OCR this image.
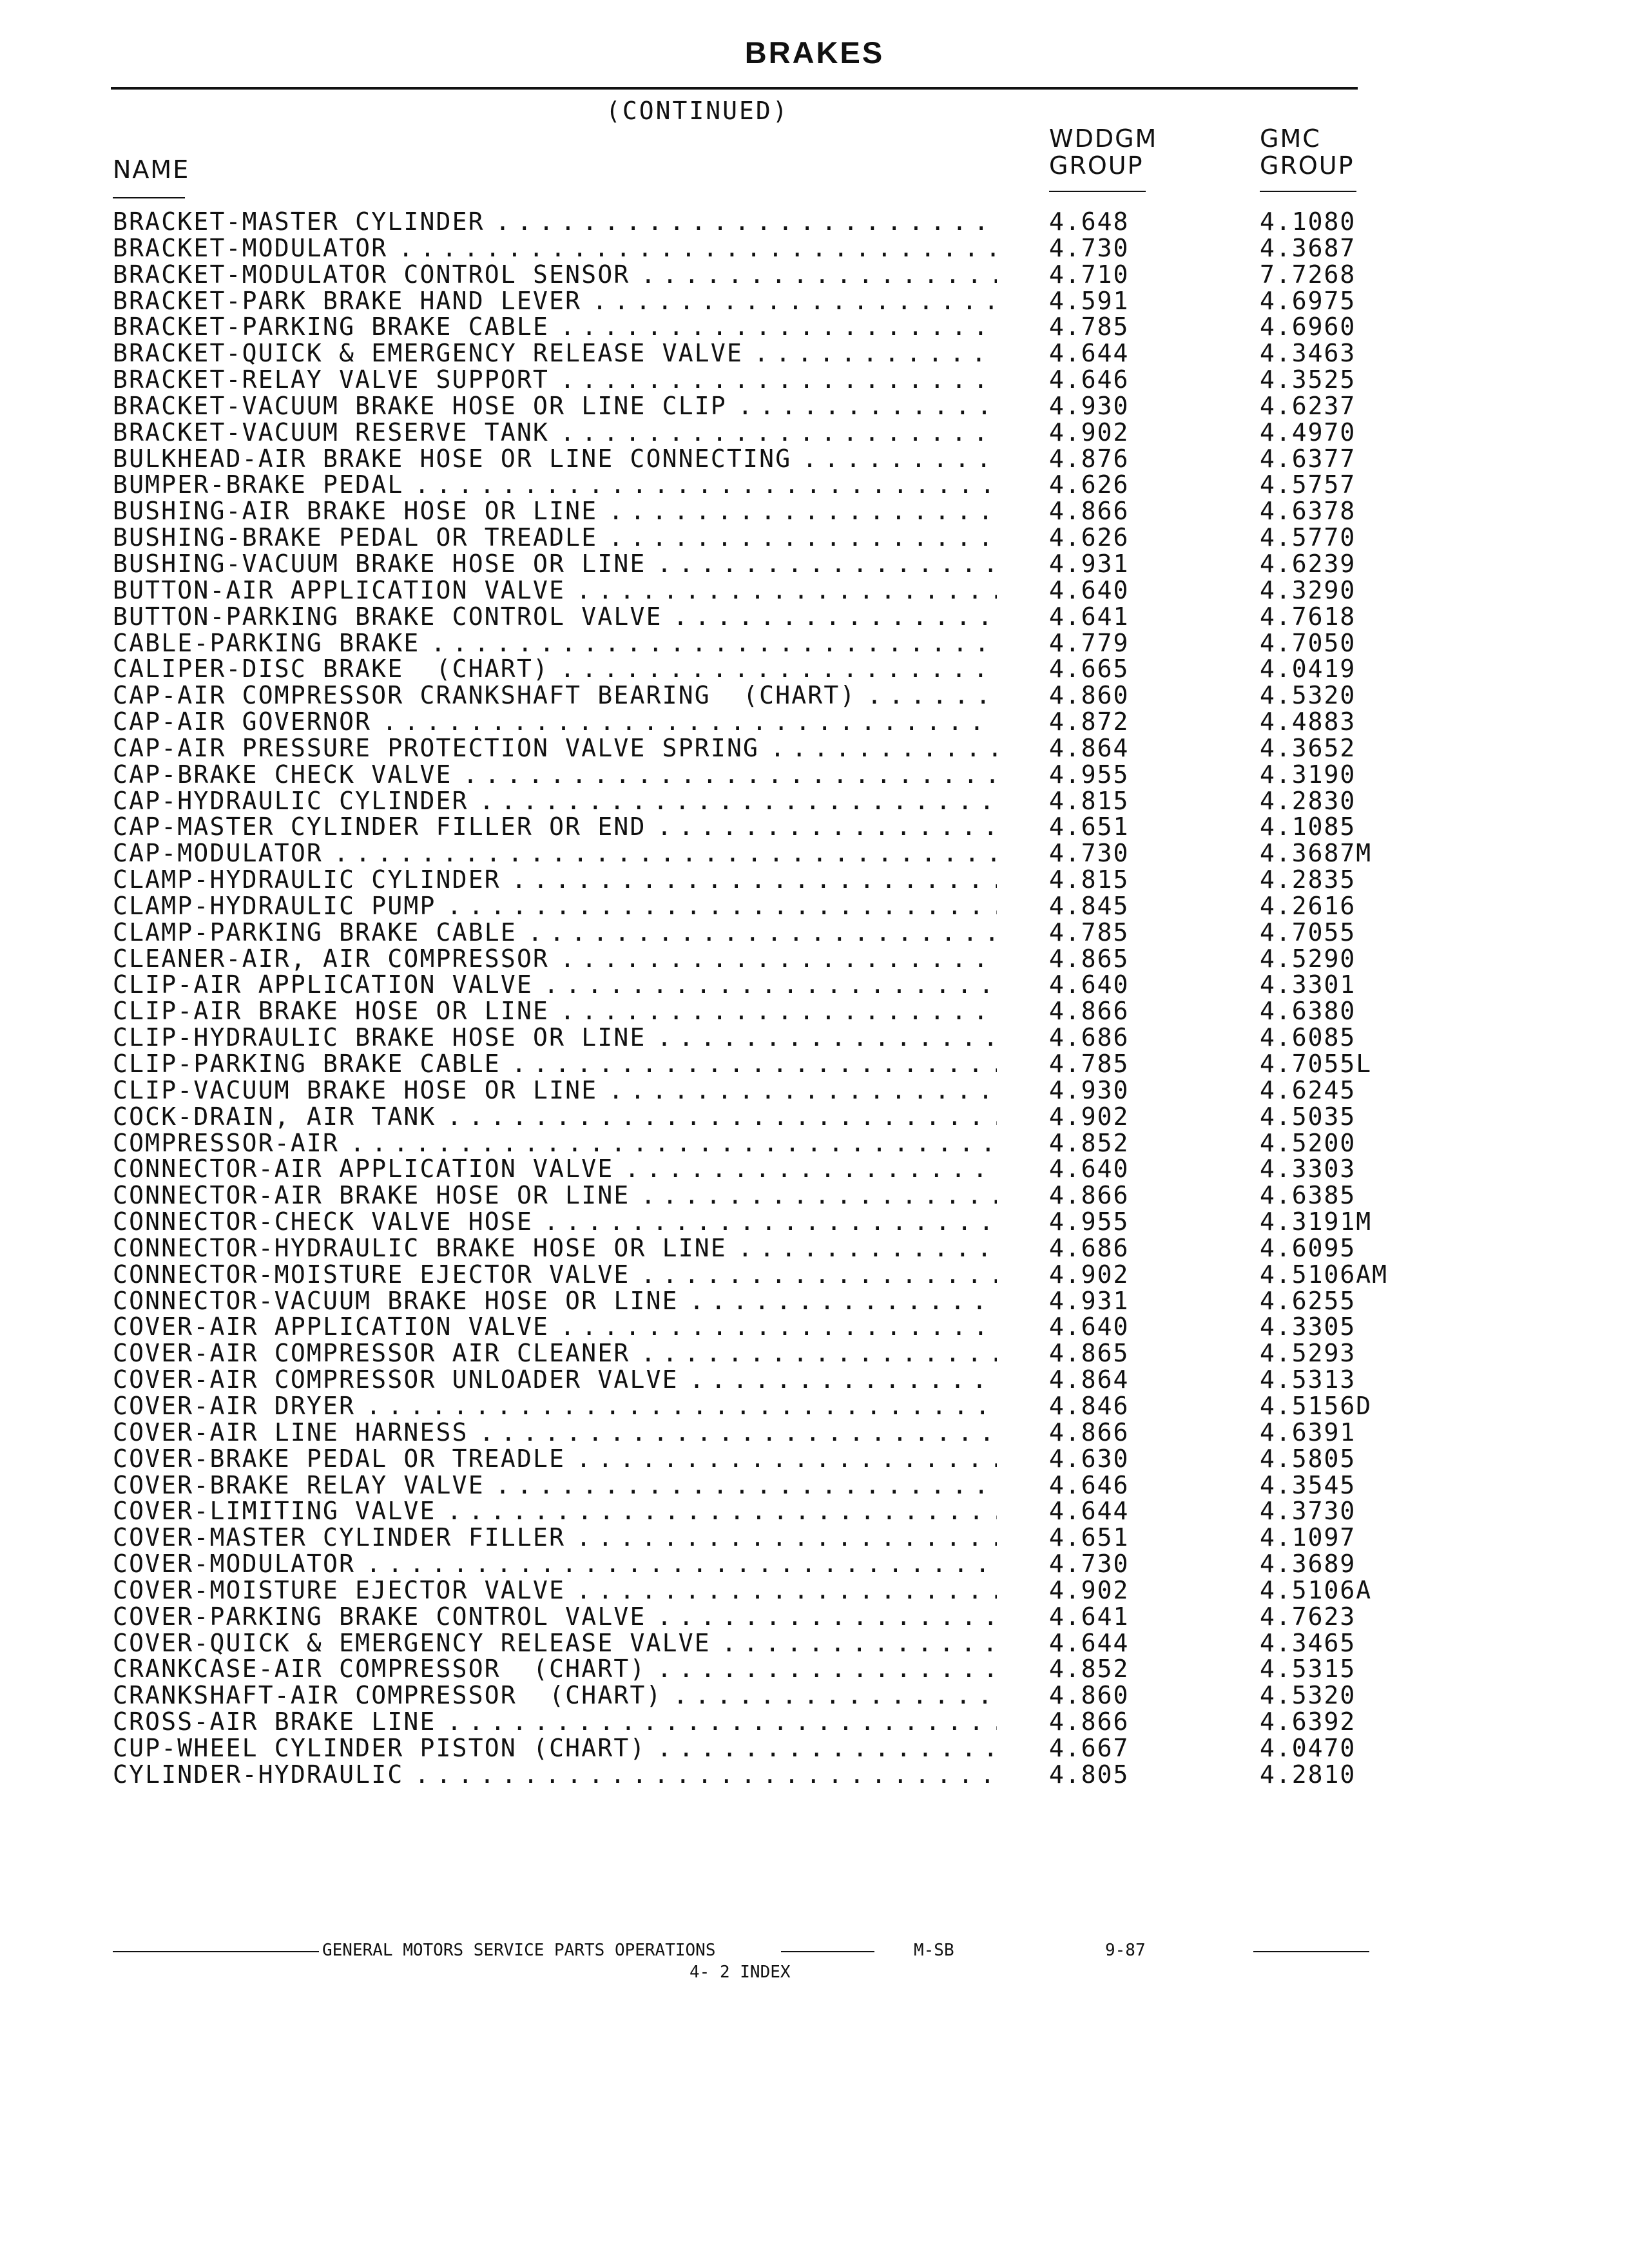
BRAKES
(CONTINUED)
NAME
WDDGM
GROUP
GMC
GROUP
BRACKET-MASTER CYLINDER . . .	4.648	4.1080
BRACKET-MODULATOR . . .	4.730	4.3687
BRACKET-MODULATOR CONTROL SENSOR . . .	4.710	7.7268
BRACKET-PARK BRAKE HAND LEVER . . .	4.591	4.6975
BRACKET-PARKING BRAKE CABLE . . .	4.785	4.6960
BRACKET-QUICK & EMERGENCY RELEASE VALVE . . .	4.644	4.3463
BRACKET-RELAY VALVE SUPPORT . . .	4.646	4.3525
BRACKET-VACUUM BRAKE HOSE OR LINE CLIP . . .	4.930	4.6237
BRACKET-VACUUM RESERVE TANK . . .	4.902	4.4970
BULKHEAD-AIR BRAKE HOSE OR LINE CONNECTING . . .	4.876	4.6377
BUMPER-BRAKE PEDAL . . .	4.626	4.5757
BUSHING-AIR BRAKE HOSE OR LINE . . .	4.866	4.6378
BUSHING-BRAKE PEDAL OR TREADLE . . .	4.626	4.5770
BUSHING-VACUUM BRAKE HOSE OR LINE . . .	4.931	4.6239
BUTTON-AIR APPLICATION VALVE . . .	4.640	4.3290
BUTTON-PARKING BRAKE CONTROL VALVE . . .	4.641	4.7618
CABLE-PARKING BRAKE . . .	4.779	4.7050
CALIPER-DISC BRAKE  (CHART) . . .	4.665	4.0419
CAP-AIR COMPRESSOR CRANKSHAFT BEARING  (CHART) . . .	4.860	4.5320
CAP-AIR GOVERNOR . . .	4.872	4.4883
CAP-AIR PRESSURE PROTECTION VALVE SPRING . . .	4.864	4.3652
CAP-BRAKE CHECK VALVE . . .	4.955	4.3190
CAP-HYDRAULIC CYLINDER . . .	4.815	4.2830
CAP-MASTER CYLINDER FILLER OR END . . .	4.651	4.1085
CAP-MODULATOR . . .	4.730	4.3687M
CLAMP-HYDRAULIC CYLINDER . . .	4.815	4.2835
CLAMP-HYDRAULIC PUMP . . .	4.845	4.2616
CLAMP-PARKING BRAKE CABLE . . .	4.785	4.7055
CLEANER-AIR, AIR COMPRESSOR . . .	4.865	4.5290
CLIP-AIR APPLICATION VALVE . . .	4.640	4.3301
CLIP-AIR BRAKE HOSE OR LINE . . .	4.866	4.6380
CLIP-HYDRAULIC BRAKE HOSE OR LINE . . .	4.686	4.6085
CLIP-PARKING BRAKE CABLE . . .	4.785	4.7055L
CLIP-VACUUM BRAKE HOSE OR LINE . . .	4.930	4.6245
COCK-DRAIN, AIR TANK . . .	4.902	4.5035
COMPRESSOR-AIR . . .	4.852	4.5200
CONNECTOR-AIR APPLICATION VALVE . . .	4.640	4.3303
CONNECTOR-AIR BRAKE HOSE OR LINE . . .	4.866	4.6385
CONNECTOR-CHECK VALVE HOSE . . .	4.955	4.3191M
CONNECTOR-HYDRAULIC BRAKE HOSE OR LINE . . .	4.686	4.6095
CONNECTOR-MOISTURE EJECTOR VALVE . . .	4.902	4.5106AM
CONNECTOR-VACUUM BRAKE HOSE OR LINE . . .	4.931	4.6255
COVER-AIR APPLICATION VALVE . . .	4.640	4.3305
COVER-AIR COMPRESSOR AIR CLEANER . . .	4.865	4.5293
COVER-AIR COMPRESSOR UNLOADER VALVE . . .	4.864	4.5313
COVER-AIR DRYER . . .	4.846	4.5156D
COVER-AIR LINE HARNESS . . .	4.866	4.6391
COVER-BRAKE PEDAL OR TREADLE . . .	4.630	4.5805
COVER-BRAKE RELAY VALVE . . .	4.646	4.3545
COVER-LIMITING VALVE . . .	4.644	4.3730
COVER-MASTER CYLINDER FILLER . . .	4.651	4.1097
COVER-MODULATOR . . .	4.730	4.3689
COVER-MOISTURE EJECTOR VALVE . . .	4.902	4.5106A
COVER-PARKING BRAKE CONTROL VALVE . . .	4.641	4.7623
COVER-QUICK & EMERGENCY RELEASE VALVE . . .	4.644	4.3465
CRANKCASE-AIR COMPRESSOR  (CHART) . . .	4.852	4.5315
CRANKSHAFT-AIR COMPRESSOR  (CHART) . . .	4.860	4.5320
CROSS-AIR BRAKE LINE . . .	4.866	4.6392
CUP-WHEEL CYLINDER PISTON (CHART) . . .	4.667	4.0470
CYLINDER-HYDRAULIC . . .	4.805	4.2810
GENERAL MOTORS SERVICE PARTS OPERATIONS	M-SB	9-87
4- 2 INDEX
